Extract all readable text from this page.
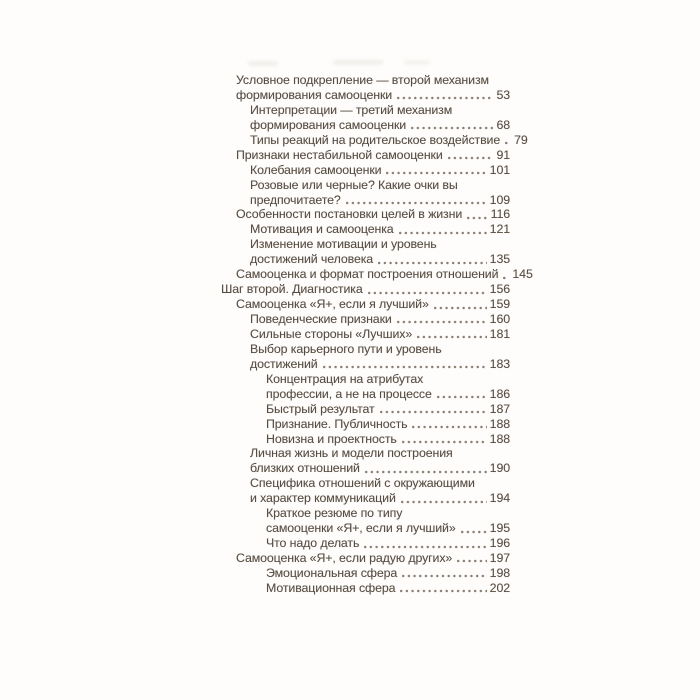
Условное подкрепление — второй механизм
формирования самооценки	53
Интерпретации — третий механизм
формирования самооценки	68
Типы реакций на родительское воздействие 79
Признаки нестабильной самооценки	91
Колебания самооценки	101
Розовые или черные? Какие очки вы
предпочитаете?	109
Особенности постановки целей в жизни 116
Мотивация и самооценка	121
Изменение мотивации и уровень
достижений человека	135
Самооценка и формат построения отношений 145
Шаг второй. Диагностика	156
Самооценка «Я+, если я лучший»	159
Поведенческие признаки	160
Сильные стороны «Лучших»	181
Выбор карьерного пути и уровень
достижений	183
Концентрация на атрибутах
профессии, а не на процессе	186
Быстрый результат	187
Признание. Публичность	188
Новизна и проектность	188
Личная жизнь и модели построения
близких отношений	190
Специфика отношений с окружающими
и характер коммуникаций	194
Краткое резюме по типу
самооценки «Я+, если я лучший»	195
Что надо делать	196
Самооценка «Я+, если радую других»	197
Эмоциональная сфера	198
Мотивационная сфера	202
